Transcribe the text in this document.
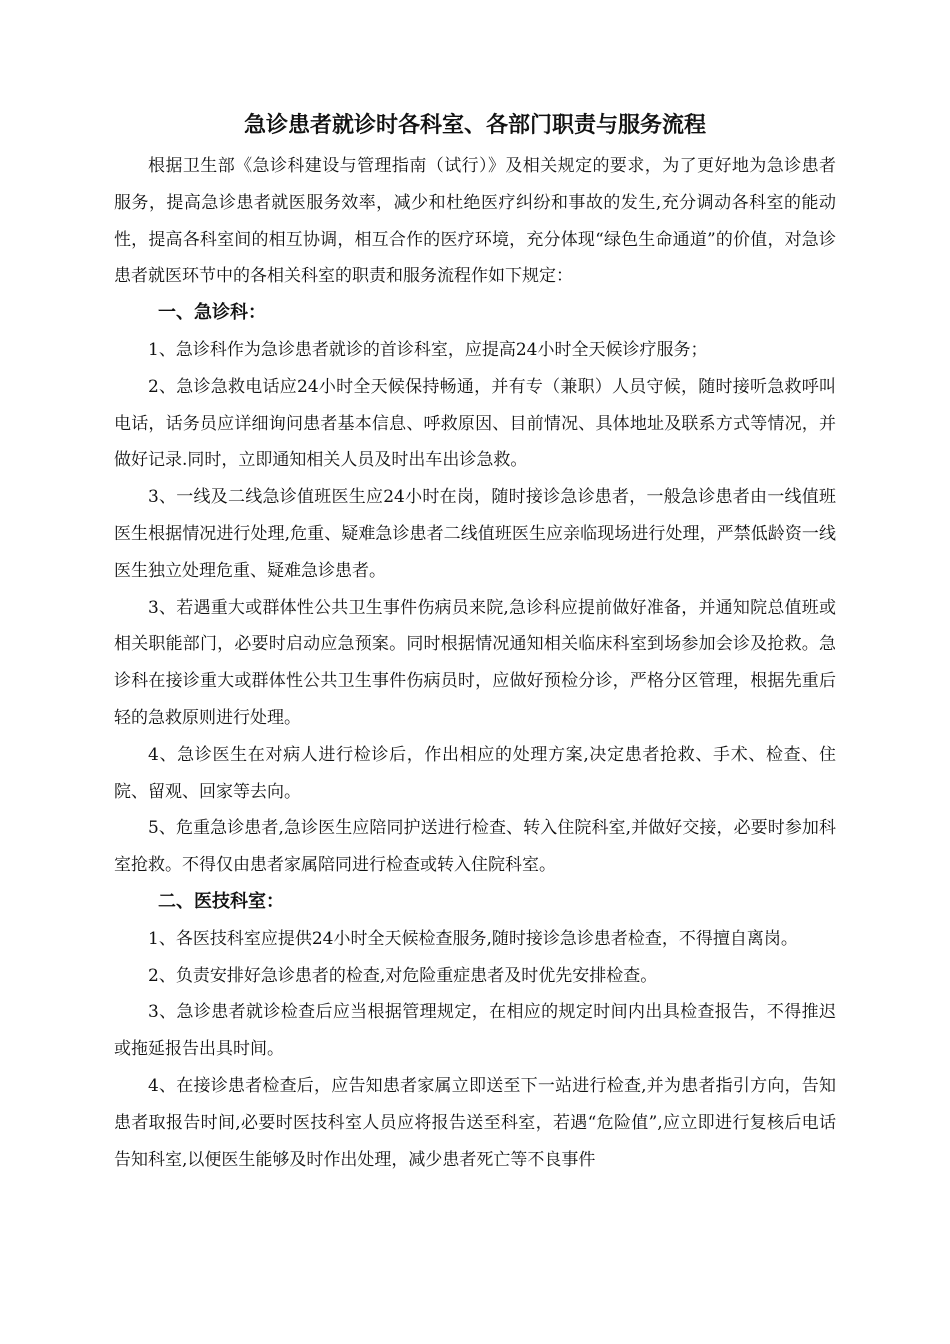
急诊患者就诊时各科室、各部门职责与服务流程

根据卫生部《急诊科建设与管理指南（试行）》及相关规定的要求，为了更好地为急诊患者服务，提高急诊患者就医服务效率，减少和杜绝医疗纠纷和事故的发生,充分调动各科室的能动性，提高各科室间的相互协调，相互合作的医疗环境，充分体现“绿色生命通道”的价值，对急诊患者就医环节中的各相关科室的职责和服务流程作如下规定：

一、急诊科：

1、急诊科作为急诊患者就诊的首诊科室，应提高24小时全天候诊疗服务；

2、急诊急救电话应24小时全天候保持畅通，并有专（兼职）人员守候，随时接听急救呼叫电话，话务员应详细询问患者基本信息、呼救原因、目前情况、具体地址及联系方式等情况，并做好记录.同时，立即通知相关人员及时出车出诊急救。

3、一线及二线急诊值班医生应24小时在岗，随时接诊急诊患者，一般急诊患者由一线值班医生根据情况进行处理,危重、疑难急诊患者二线值班医生应亲临现场进行处理，严禁低龄资一线医生独立处理危重、疑难急诊患者。

3、若遇重大或群体性公共卫生事件伤病员来院,急诊科应提前做好准备，并通知院总值班或相关职能部门，必要时启动应急预案。同时根据情况通知相关临床科室到场参加会诊及抢救。急诊科在接诊重大或群体性公共卫生事件伤病员时，应做好预检分诊，严格分区管理，根据先重后轻的急救原则进行处理。

4、急诊医生在对病人进行检诊后，作出相应的处理方案,决定患者抢救、手术、检查、住院、留观、回家等去向。

5、危重急诊患者,急诊医生应陪同护送进行检查、转入住院科室,并做好交接，必要时参加科室抢救。不得仅由患者家属陪同进行检查或转入住院科室。

二、医技科室：

1、各医技科室应提供24小时全天候检查服务,随时接诊急诊患者检查，不得擅自离岗。

2、负责安排好急诊患者的检查,对危险重症患者及时优先安排检查。

3、急诊患者就诊检查后应当根据管理规定，在相应的规定时间内出具检查报告，不得推迟或拖延报告出具时间。

4、在接诊患者检查后，应告知患者家属立即送至下一站进行检查,并为患者指引方向，告知患者取报告时间,必要时医技科室人员应将报告送至科室，若遇“危险值”,应立即进行复核后电话告知科室,以便医生能够及时作出处理，减少患者死亡等不良事件
